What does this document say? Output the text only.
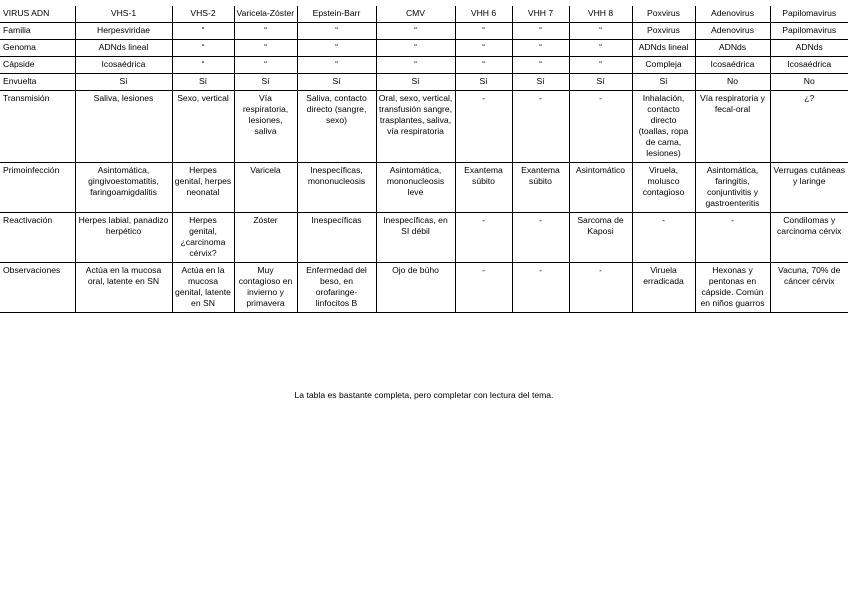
VIRUS ADN	VHS-1	VHS-2	Varicela-Zóster	Epstein-Barr	CMV	VHH 6	VHH 7	VHH 8	Poxvirus	Adenovirus	Papilomavirus
Familia	Herpesviridae	“	“	“	“	“	“	“	Poxvirus	Adenovirus	Papilomavirus
Genoma	ADNds lineal	“	“	“	“	“	“	“	ADNds lineal	ADNds	ADNds
Cápside	Icosaédrica	“	“	“	“	“	“	“	Compleja	Icosaédrica	Icosaédrica
Envuelta	Sí	Sí	Sí	Sí	Sí	Sí	Sí	Sí	Sí	No	No
Transmisión	Saliva, lesiones	Sexo, vertical	Vía respiratoria, lesiones, saliva	Saliva, contacto directo (sangre, sexo)	Oral, sexo, vertical, transfusión sangre, trasplantes, saliva, vía respiratoria	-	-	-	Inhalación, contacto directo (toallas, ropa de cama, lesiones)	Vía respiratoria y fecal-oral	¿?
Primoinfección	Asintomática, gingivoestomatitis, faringoamigdalitis	Herpes genital, herpes neonatal	Varicela	Inespecíficas, mononucleosis	Asintomática, mononucleosis leve	Exantema súbito	Exantema súbito	Asintomático	Viruela, molusco contagioso	Asintomática, faringitis, conjuntivitis y gastroenteritis	Verrugas cutáneas y laringe
Reactivación	Herpes labial, panadizo herpético	Herpes genital, ¿carcinoma cérvix?	Zóster	Inespecíficas	Inespecíficas, en SI débil	-	-	Sarcoma de Kaposi	-	-	Condilomas y carcinoma cérvix
Observaciones	Actúa en la mucosa oral, latente en SN	Actúa en la mucosa genital, latente en SN	Muy contagioso en invierno y primavera	Enfermedad del beso, en orofaringe-linfocitos B	Ojo de búho	-	-	-	Viruela erradicada	Hexonas y pentonas en cápside. Común en niños guarros	Vacuna, 70% de cáncer cérvix

La tabla es bastante completa, pero completar con lectura del tema.
